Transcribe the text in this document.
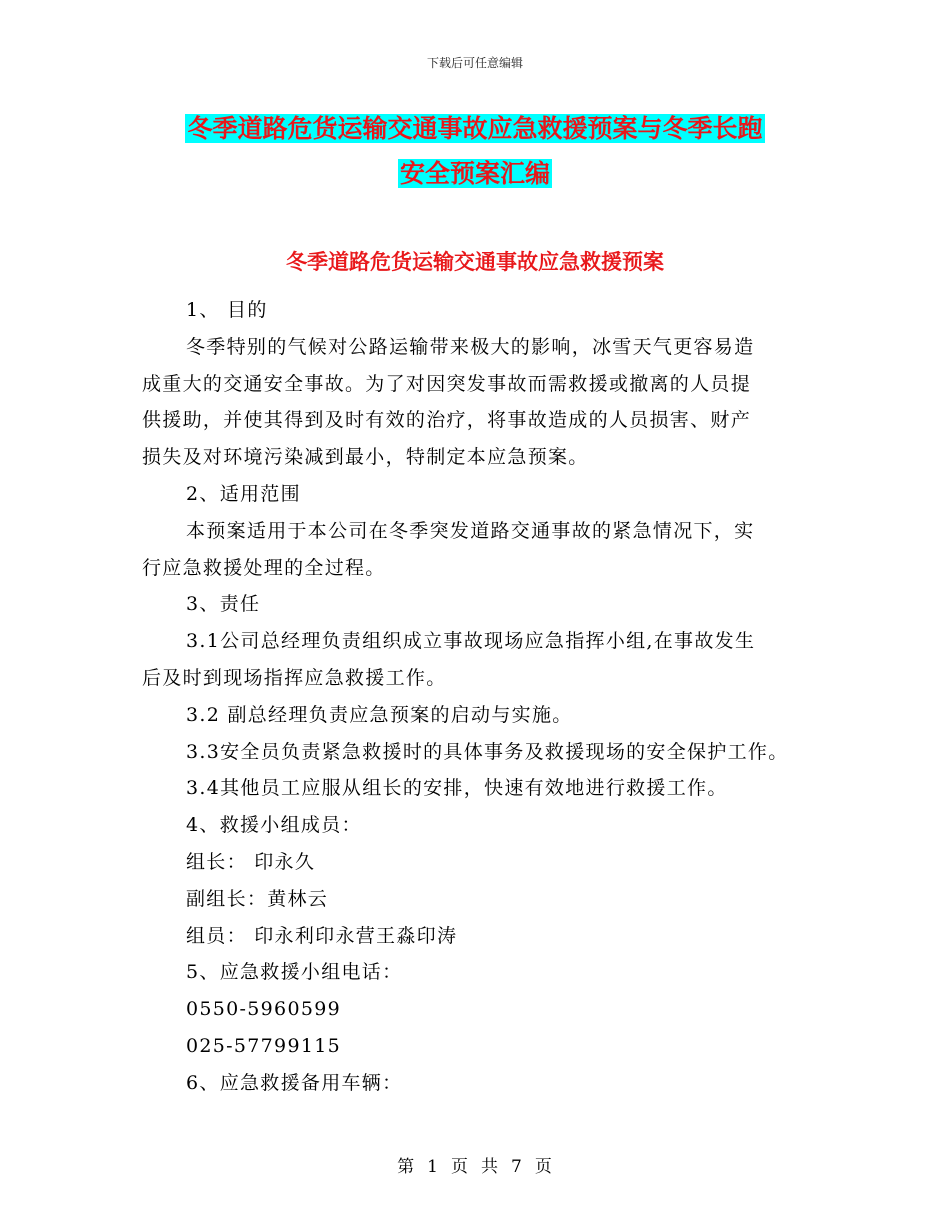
下载后可任意编辑
冬季道路危货运输交通事故应急救援预案与冬季长跑
安全预案汇编
冬季道路危货运输交通事故应急救援预案

1、 目的

冬季特别的气候对公路运输带来极大的影响，冰雪天气更容易造

成重大的交通安全事故。为了对因突发事故而需救援或撤离的人员提

供援助，并使其得到及时有效的治疗，将事故造成的人员损害、财产

损失及对环境污染减到最小，特制定本应急预案。

2、适用范围

本预案适用于本公司在冬季突发道路交通事故的紧急情况下，实

行应急救援处理的全过程。

3、责任

3.1公司总经理负责组织成立事故现场应急指挥小组,在事故发生

后及时到现场指挥应急救援工作。

3.2 副总经理负责应急预案的启动与实施。

3.3安全员负责紧急救援时的具体事务及救援现场的安全保护工作。

3.4其他员工应服从组长的安排，快速有效地进行救援工作。

4、救援小组成员：

组长： 印永久

副组长：黄林云

组员： 印永利印永营王淼印涛

5、应急救援小组电话：

0550-5960599

025-57799115

6、应急救援备用车辆：

第 1 页 共 7 页
